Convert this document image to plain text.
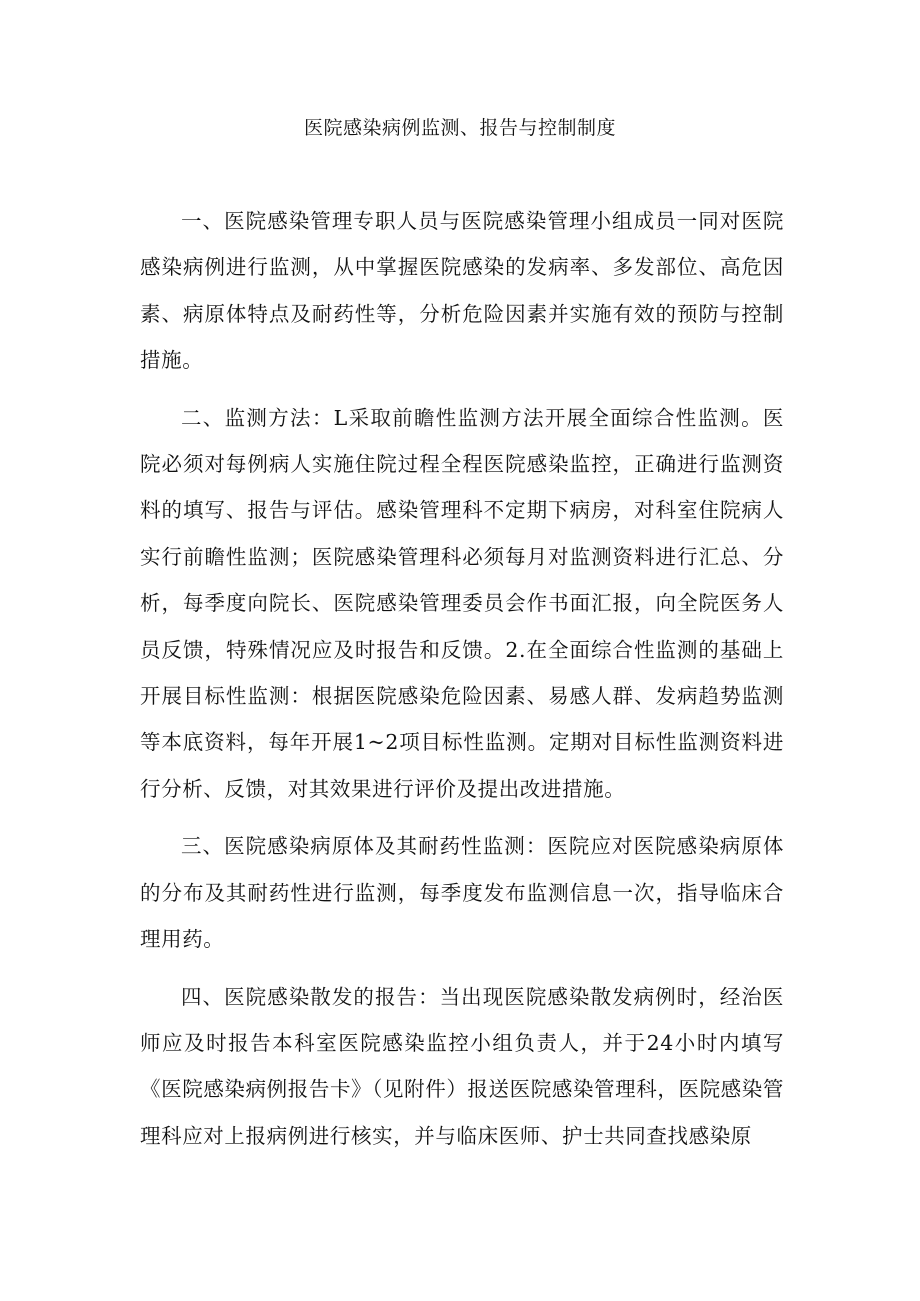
医院感染病例监测、报告与控制制度

一、医院感染管理专职人员与医院感染管理小组成员一同对医院感染病例进行监测，从中掌握医院感染的发病率、多发部位、高危因素、病原体特点及耐药性等，分析危险因素并实施有效的预防与控制措施。

二、监测方法：L采取前瞻性监测方法开展全面综合性监测。医院必须对每例病人实施住院过程全程医院感染监控，正确进行监测资料的填写、报告与评估。感染管理科不定期下病房，对科室住院病人实行前瞻性监测；医院感染管理科必须每月对监测资料进行汇总、分析，每季度向院长、医院感染管理委员会作书面汇报，向全院医务人员反馈，特殊情况应及时报告和反馈。2.在全面综合性监测的基础上开展目标性监测：根据医院感染危险因素、易感人群、发病趋势监测等本底资料，每年开展1~2项目标性监测。定期对目标性监测资料进行分析、反馈，对其效果进行评价及提出改进措施。

三、医院感染病原体及其耐药性监测：医院应对医院感染病原体的分布及其耐药性进行监测，每季度发布监测信息一次，指导临床合理用药。

四、医院感染散发的报告：当出现医院感染散发病例时，经治医师应及时报告本科室医院感染监控小组负责人，并于24小时内填写《医院感染病例报告卡》（见附件）报送医院感染管理科，医院感染管理科应对上报病例进行核实，并与临床医师、护士共同查找感染原
